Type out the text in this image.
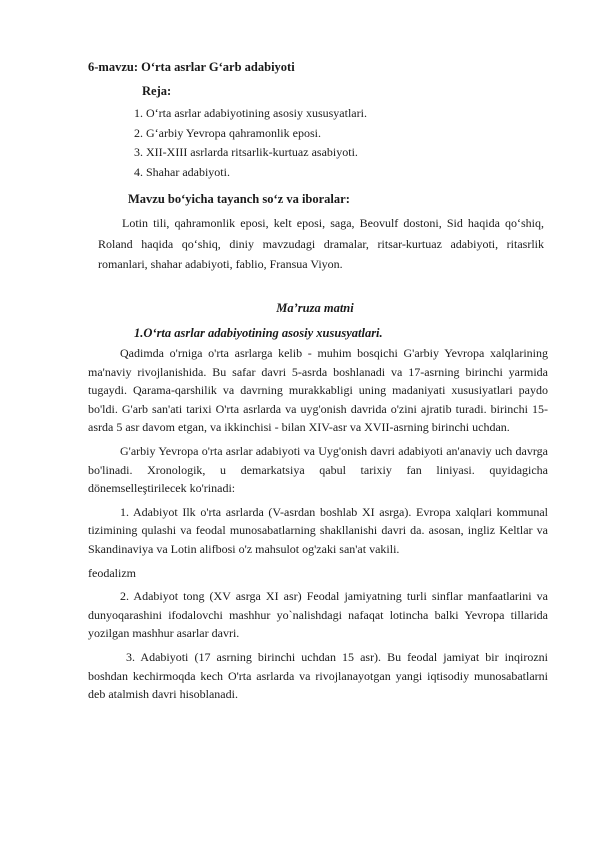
6-mavzu: O‘rta asrlar G‘arb adabiyoti
Reja:
1. O‘rta asrlar adabiyotining asosiy xususyatlari.
2. G‘arbiy Yevropa qahramonlik eposi.
3. XII-XIII asrlarda ritsarlik-kurtuaz asabiyoti.
4. Shahar adabiyoti.
Mavzu bo‘yicha tayanch so‘z va iboralar:
Lotin tili, qahramonlik eposi, kelt eposi, saga, Beovulf dostoni, Sid haqida qo‘shiq, Roland haqida qo‘shiq, diniy mavzudagi dramalar, ritsar-kurtuaz adabiyoti, ritasrlik romanlari, shahar adabiyoti, fablio, Fransua Viyon.
Ma’ruza matni
1.O‘rta asrlar adabiyotining asosiy xususyatlari.

Qadimda o'rniga o'rta asrlarga kelib - muhim bosqichi G'arbiy Yevropa xalqlarining ma'naviy rivojlanishida. Bu safar davri 5-asrda boshlanadi va 17-asrning birinchi yarmida tugaydi. Qarama-qarshilik va davrning murakkabligi uning madaniyati xususiyatlari paydo bo'ldi. G'arb san'ati tarixi O'rta asrlarda va uyg'onish davrida o'zini ajratib turadi. birinchi 15-asrda 5 asr davom etgan, va ikkinchisi - bilan XIV-asr va XVII-asrning birinchi uchdan.

G'arbiy Yevropa o'rta asrlar adabiyoti va Uyg'onish davri adabiyoti an'anaviy uch davrga bo'linadi. Xronologik, u demarkatsiya qabul tarixiy fan liniyasi. quyidagicha dönemselleştirilecek ko'rinadi:

1. Adabiyot Ilk o'rta asrlarda (V-asrdan boshlab XI asrga). Evropa xalqlari kommunal tizimining qulashi va feodal munosabatlarning shakllanishi davri da. asosan, ingliz Keltlar va Skandinaviya va Lotin alifbosi o'z mahsulot og'zaki san'at vakili.

feodalizm

2. Adabiyot tong (XV asrga XI asr) Feodal jamiyatning turli sinflar manfaatlarini va dunyoqarashini ifodalovchi mashhur yo`nalishdagi nafaqat lotincha balki Yevropa tillarida yozilgan mashhur asarlar davri.

3. Adabiyoti (17 asrning birinchi uchdan 15 asr). Bu feodal jamiyat bir inqirozni boshdan kechirmoqda kech O'rta asrlarda va rivojlanayotgan yangi iqtisodiy munosabatlarni deb atalmish davri hisoblanadi.
